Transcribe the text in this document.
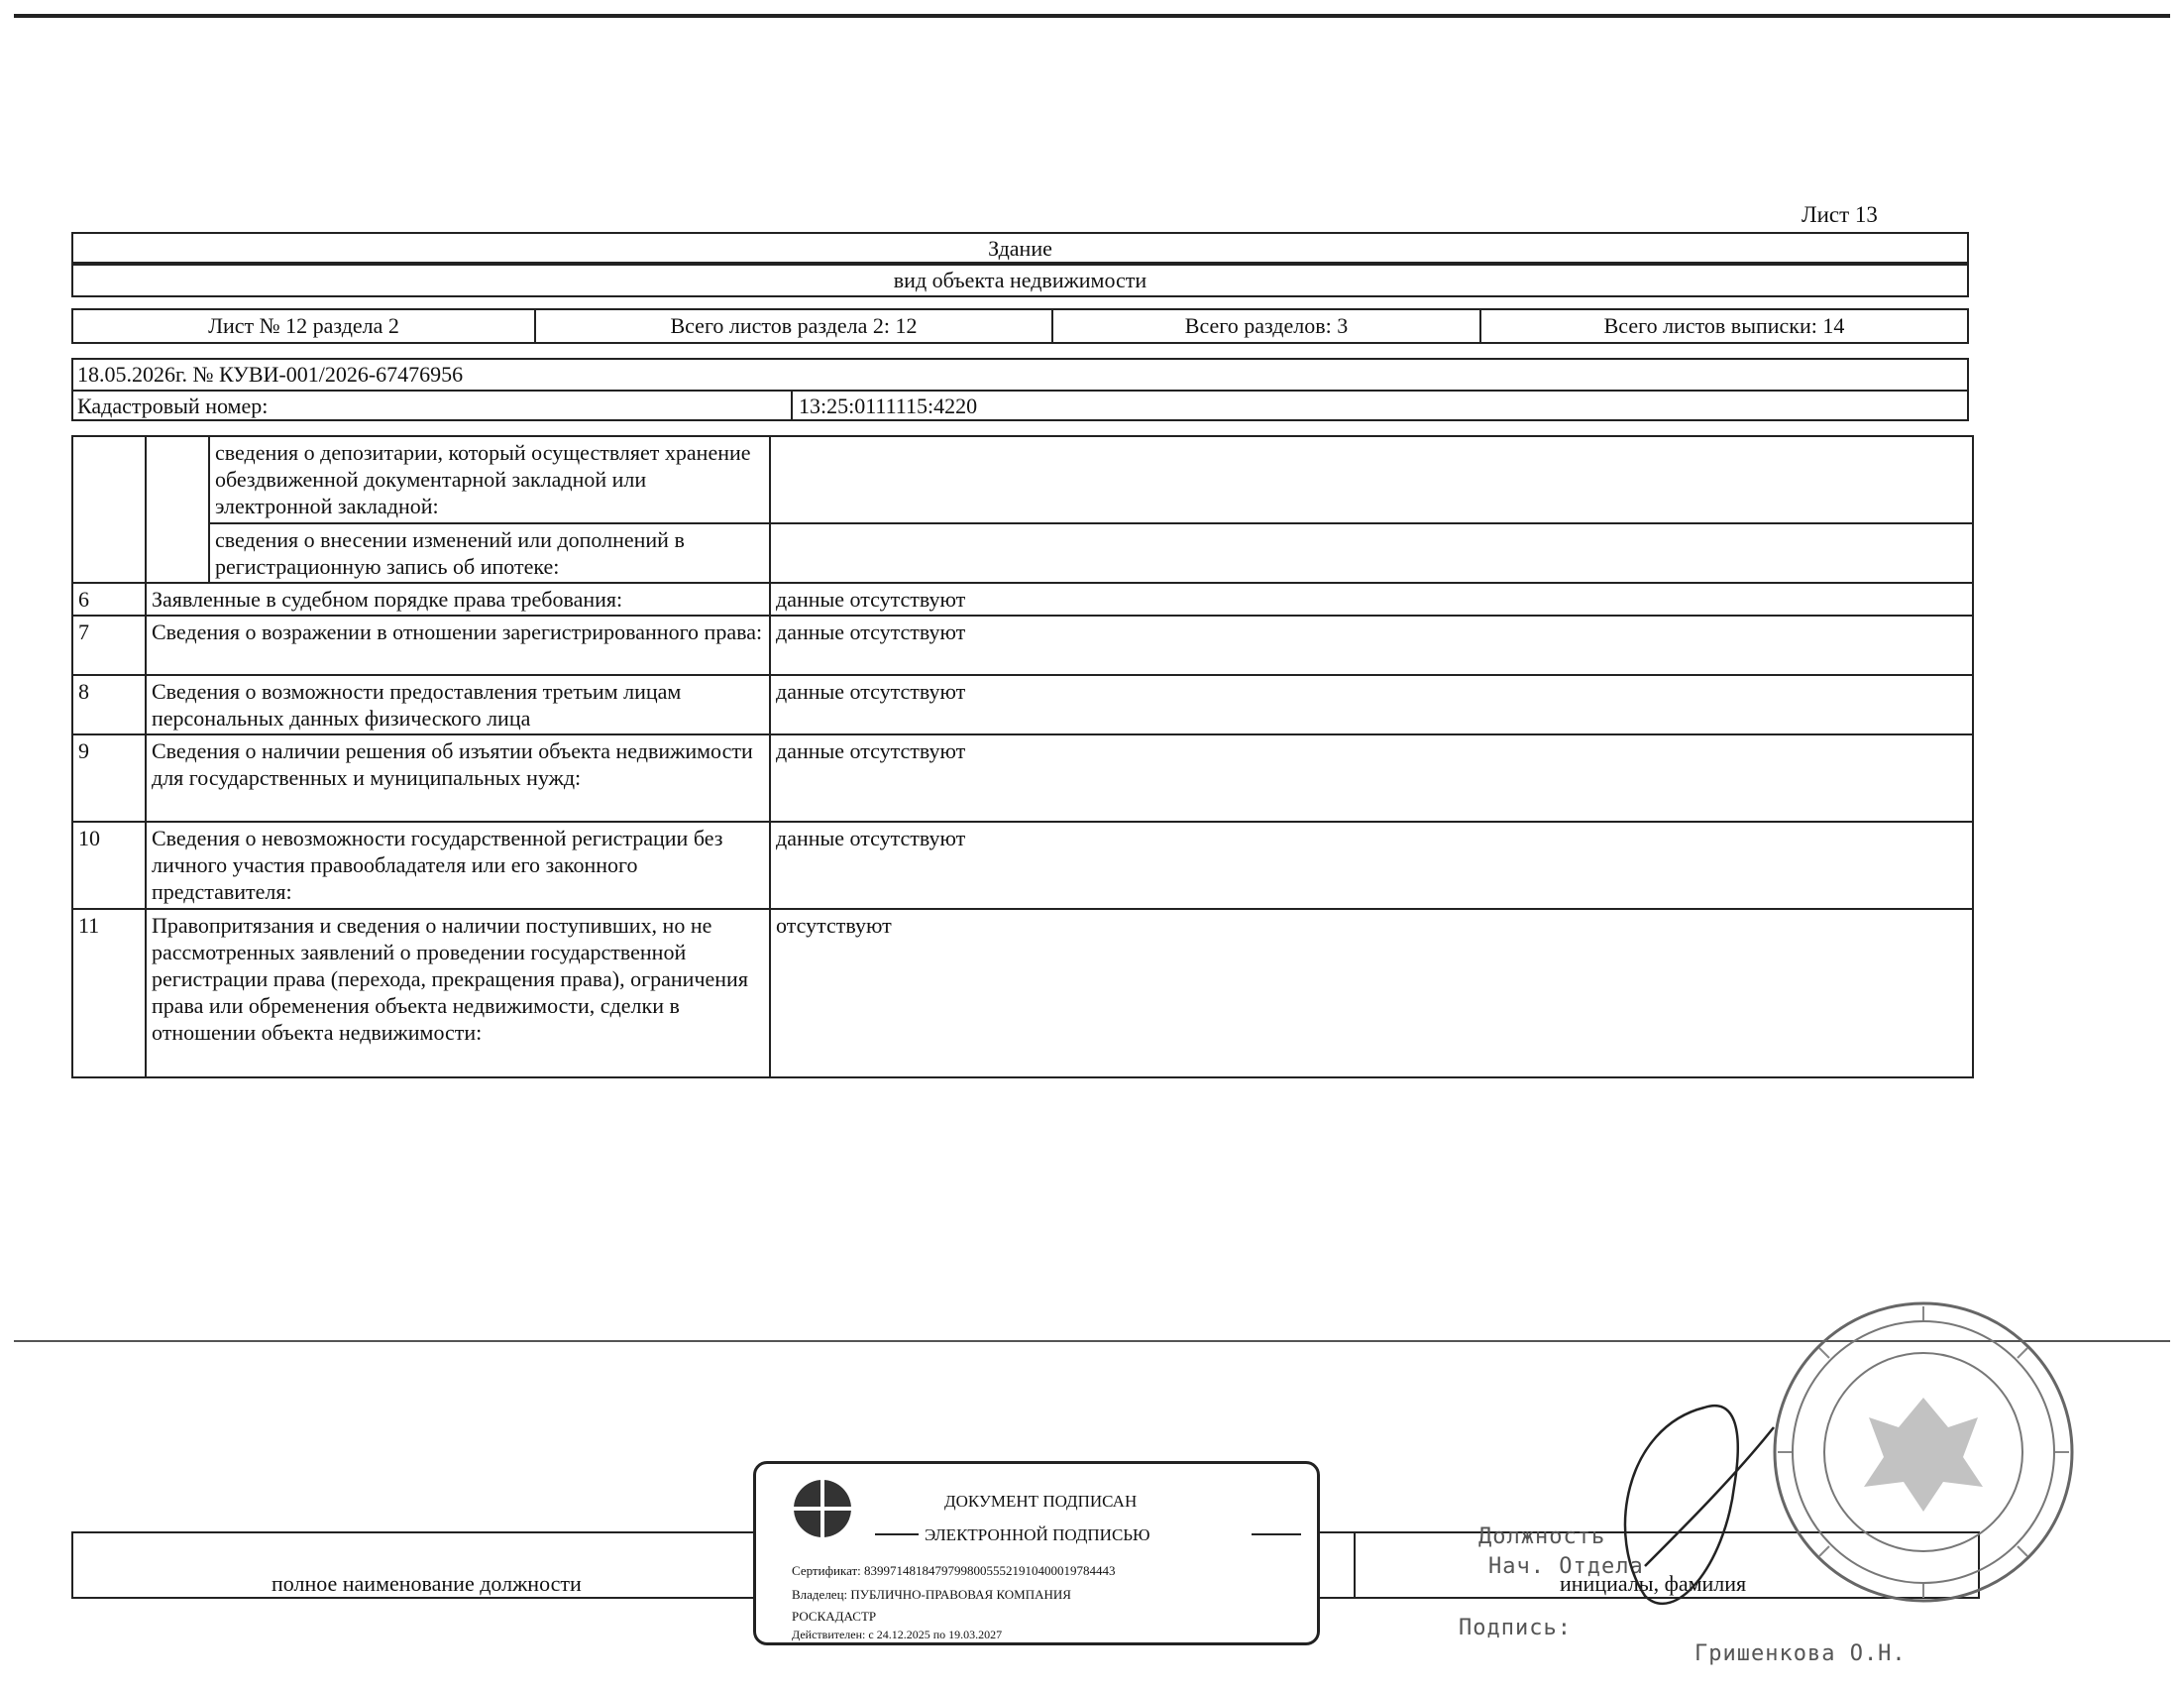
Лист 13
Здание
вид объекта недвижимости
Лист № 12 раздела 2	Всего листов раздела 2: 12	Всего разделов: 3	Всего листов выписки: 14
18.05.2026г. № КУВИ-001/2026-67476956
Кадастровый номер:	13:25:0111115:4220
		сведения о депозитарии, который осуществляет хранение обездвиженной документарной закладной или электронной закладной:	
		сведения о внесении изменений или дополнений в регистрационную запись об ипотеке:	
6	Заявленные в судебном порядке права требования:		данные отсутствуют
7	Сведения о возражении в отношении зарегистрированного права:		данные отсутствуют
8	Сведения о возможности предоставления третьим лицам персональных данных физического лица		данные отсутствуют
9	Сведения о наличии решения об изъятии объекта недвижимости для государственных и муниципальных нужд:		данные отсутствуют
10	Сведения о невозможности государственной регистрации без личного участия правообладателя или его законного представителя:		данные отсутствуют
11	Правопритязания и сведения о наличии поступивших, но не рассмотренных заявлений о проведении государственной регистрации права (перехода, прекращения права), ограничения права или обременения объекта недвижимости, сделки в отношении объекта недвижимости:		отсутствуют
полное наименование должности	инициалы, фамилия
ДОКУМЕНТ ПОДПИСАН
ЭЛЕКТРОННОЙ ПОДПИСЬЮ
Сертификат: 839971481847979980055521910400019784443
Владелец: ПУБЛИЧНО-ПРАВОВАЯ КОМПАНИЯ
РОСКАДАСТР
Действителен: с 24.12.2025 по 19.03.2027
Должность
Нач. Отдела
Подпись:
Гришенкова О.Н.
